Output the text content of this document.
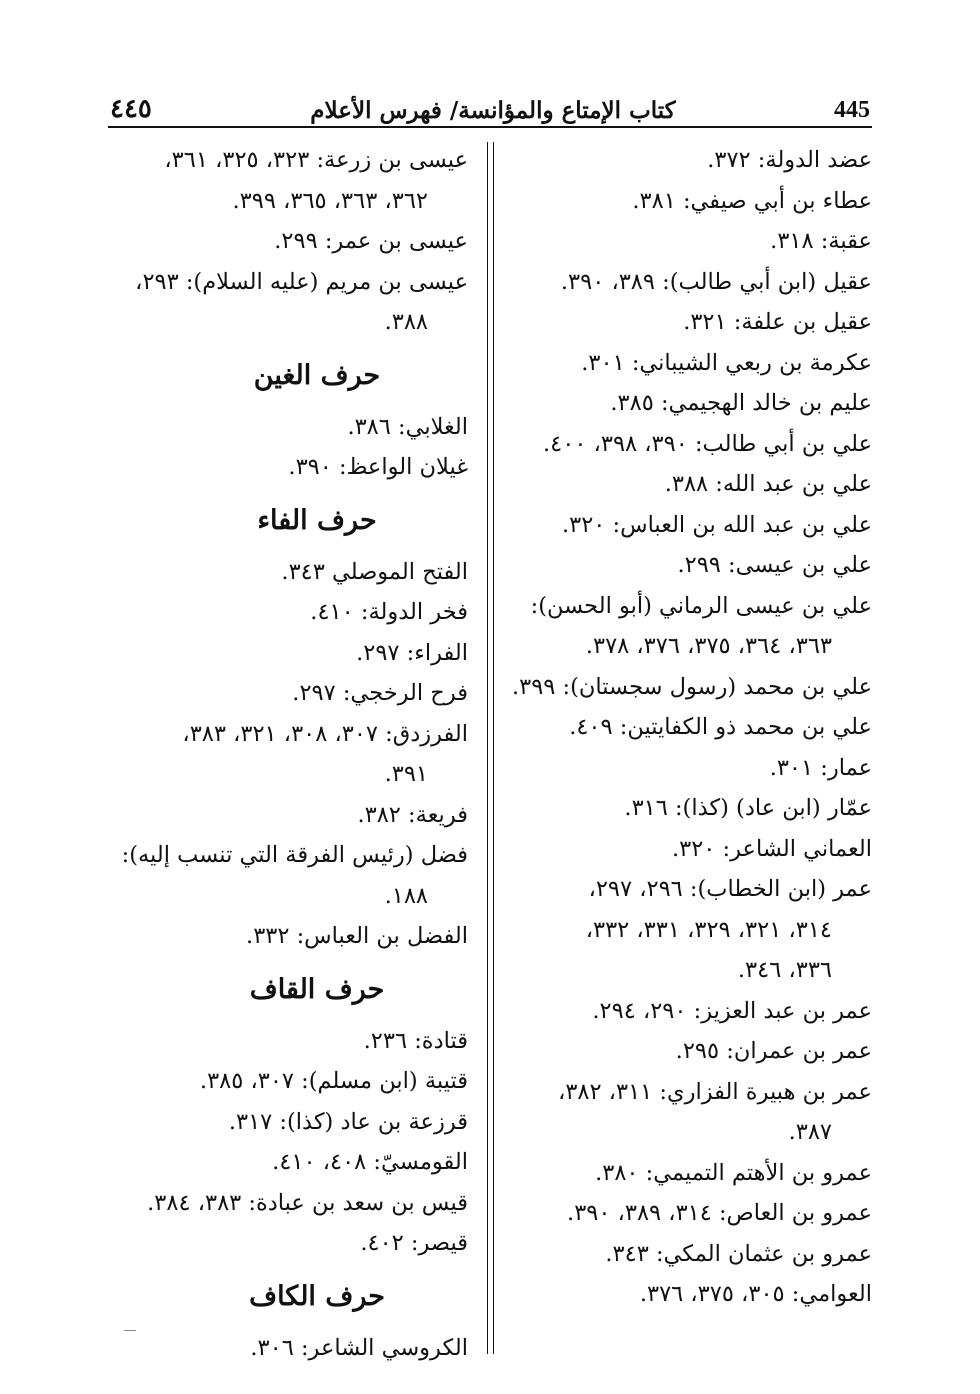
٤٤٥	كتاب الإمتاع والمؤانسة/ فهرس الأعلام	445
عضد الدولة: ٣٧٢.
عطاء بن أبي صيفي: ٣٨١.
عقبة: ٣١٨.
عقيل (ابن أبي طالب): ٣٨٩، ٣٩٠.
عقيل بن علفة: ٣٢١.
عكرمة بن ربعي الشيباني: ٣٠١.
عليم بن خالد الهجيمي: ٣٨٥.
علي بن أبي طالب: ٣٩٠، ٣٩٨، ٤٠٠.
علي بن عبد الله: ٣٨٨.
علي بن عبد الله بن العباس: ٣٢٠.
علي بن عيسى: ٢٩٩.
علي بن عيسى الرماني (أبو الحسن):
٣٦٣، ٣٦٤، ٣٧٥، ٣٧٦، ٣٧٨.
علي بن محمد (رسول سجستان): ٣٩٩.
علي بن محمد ذو الكفايتين: ٤٠٩.
عمار: ٣٠١.
عمّار (ابن عاد) (كذا): ٣١٦.
العماني الشاعر: ٣٢٠.
عمر (ابن الخطاب): ٢٩٦، ٢٩٧،
٣١٤، ٣٢١، ٣٢٩، ٣٣١، ٣٣٢،
٣٣٦، ٣٤٦.
عمر بن عبد العزيز: ٢٩٠، ٢٩٤.
عمر بن عمران: ٢٩٥.
عمر بن هبيرة الفزاري: ٣١١، ٣٨٢،
٣٨٧.
عمرو بن الأهتم التميمي: ٣٨٠.
عمرو بن العاص: ٣١٤، ٣٨٩، ٣٩٠.
عمرو بن عثمان المكي: ٣٤٣.
العوامي: ٣٠٥، ٣٧٥، ٣٧٦.
عيسى بن زرعة: ٣٢٣، ٣٢٥، ٣٦١،
٣٦٢، ٣٦٣، ٣٦٥، ٣٩٩.
عيسى بن عمر: ٢٩٩.
عيسى بن مريم (عليه السلام): ٢٩٣،
٣٨٨.
حرف الغين
الغلابي: ٣٨٦.
غيلان الواعظ: ٣٩٠.
حرف الفاء
الفتح الموصلي ٣٤٣.
فخر الدولة: ٤١٠.
الفراء: ٢٩٧.
فرح الرخجي: ٢٩٧.
الفرزدق: ٣٠٧، ٣٠٨، ٣٢١، ٣٨٣،
٣٩١.
فريعة: ٣٨٢.
فضل (رئيس الفرقة التي تنسب إليه):
١٨٨.
الفضل بن العباس: ٣٣٢.
حرف القاف
قتادة: ٢٣٦.
قتيبة (ابن مسلم): ٣٠٧، ٣٨٥.
قرزعة بن عاد (كذا): ٣١٧.
القومسيّ: ٤٠٨، ٤١٠.
قيس بن سعد بن عبادة: ٣٨٣، ٣٨٤.
قيصر: ٤٠٢.
حرف الكاف
الكروسي الشاعر: ٣٠٦.
